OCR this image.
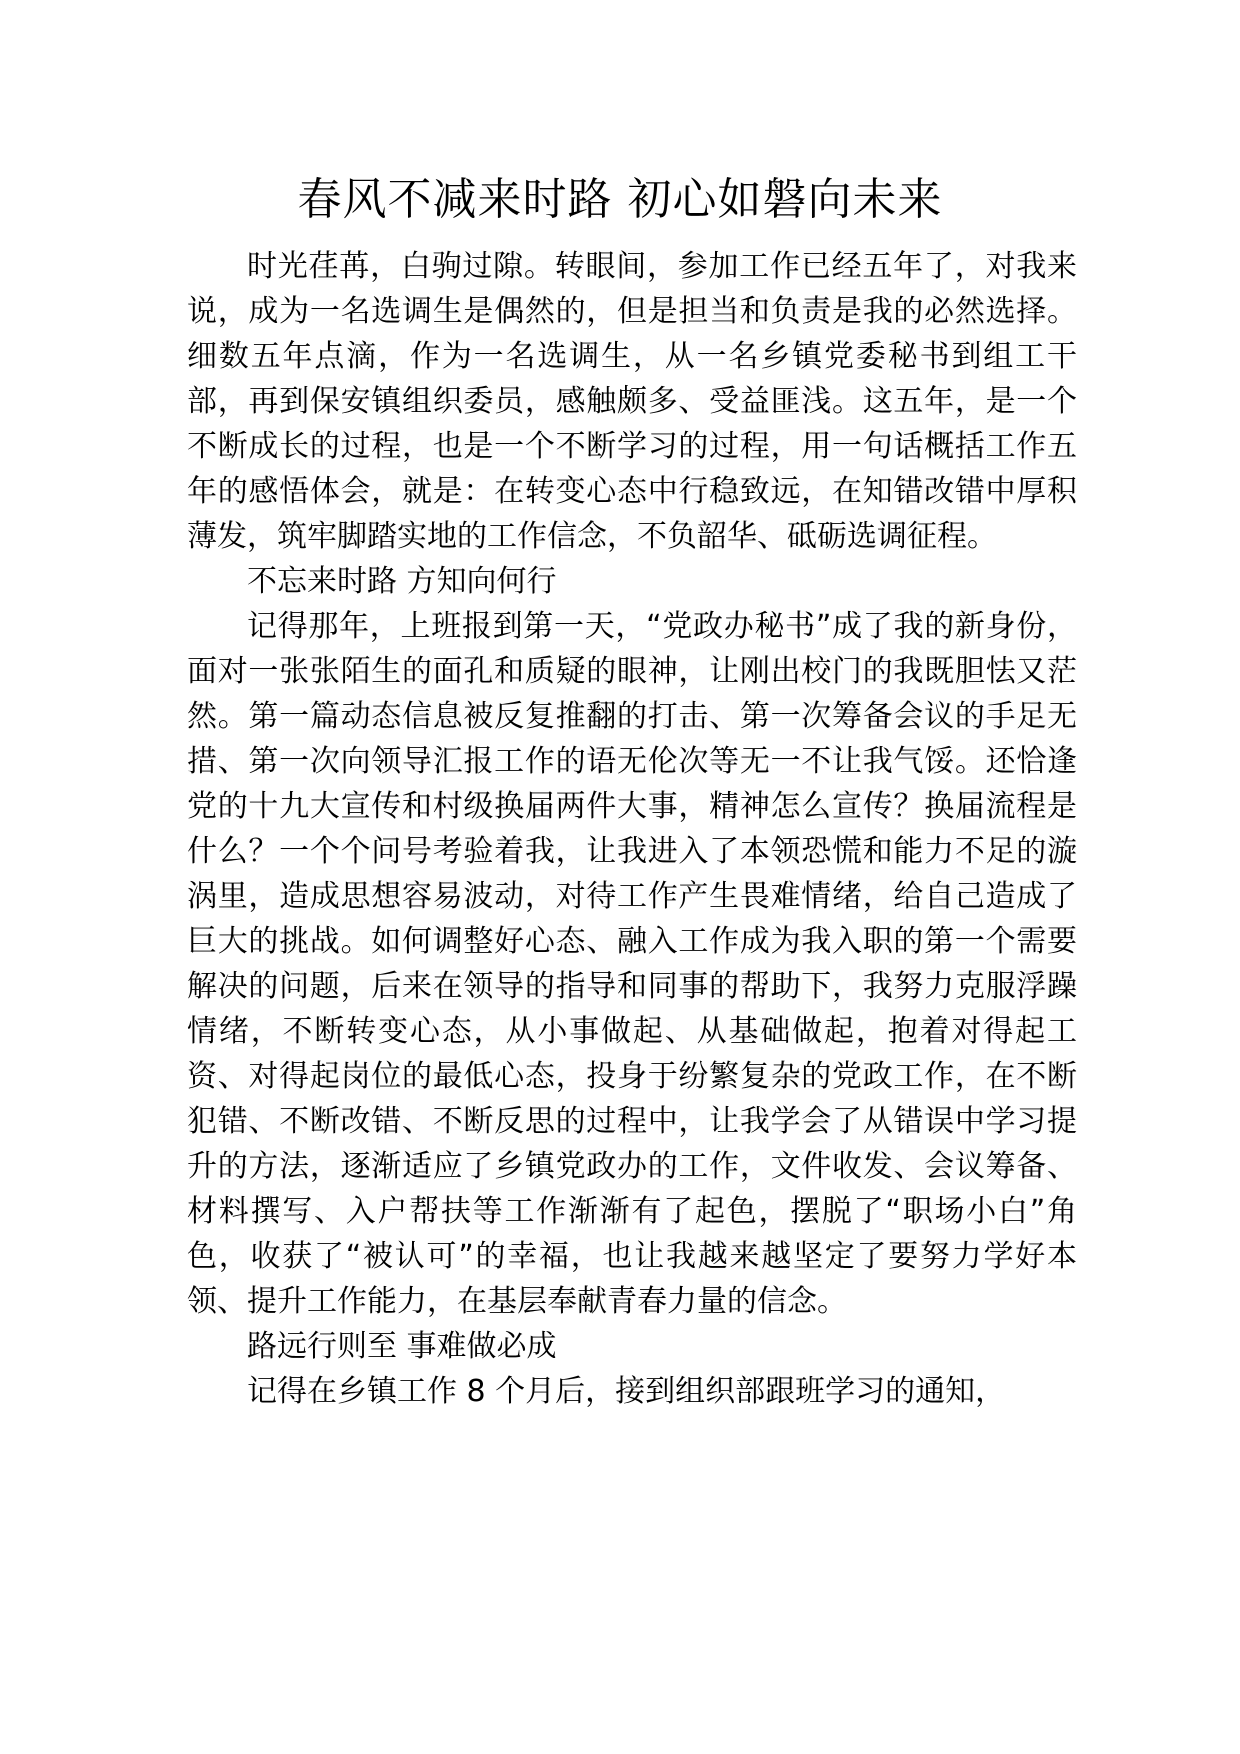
春风不减来时路 初心如磐向未来

时光荏苒，白驹过隙。转眼间，参加工作已经五年了，对我来说，成为一名选调生是偶然的，但是担当和负责是我的必然选择。细数五年点滴，作为一名选调生，从一名乡镇党委秘书到组工干部，再到保安镇组织委员，感触颇多、受益匪浅。这五年，是一个不断成长的过程，也是一个不断学习的过程，用一句话概括工作五年的感悟体会，就是：在转变心态中行稳致远，在知错改错中厚积薄发，筑牢脚踏实地的工作信念，不负韶华、砥砺选调征程。

不忘来时路 方知向何行

记得那年，上班报到第一天，“党政办秘书”成了我的新身份，面对一张张陌生的面孔和质疑的眼神，让刚出校门的我既胆怯又茫然。第一篇动态信息被反复推翻的打击、第一次筹备会议的手足无措、第一次向领导汇报工作的语无伦次等无一不让我气馁。还恰逢党的十九大宣传和村级换届两件大事，精神怎么宣传？换届流程是什么？一个个问号考验着我，让我进入了本领恐慌和能力不足的漩涡里，造成思想容易波动，对待工作产生畏难情绪，给自己造成了巨大的挑战。如何调整好心态、融入工作成为我入职的第一个需要解决的问题，后来在领导的指导和同事的帮助下，我努力克服浮躁情绪，不断转变心态，从小事做起、从基础做起，抱着对得起工资、对得起岗位的最低心态，投身于纷繁复杂的党政工作，在不断犯错、不断改错、不断反思的过程中，让我学会了从错误中学习提升的方法，逐渐适应了乡镇党政办的工作，文件收发、会议筹备、材料撰写、入户帮扶等工作渐渐有了起色，摆脱了“职场小白”角色，收获了“被认可”的幸福，也让我越来越坚定了要努力学好本领、提升工作能力，在基层奉献青春力量的信念。

路远行则至 事难做必成

记得在乡镇工作 8 个月后，接到组织部跟班学习的通知，
